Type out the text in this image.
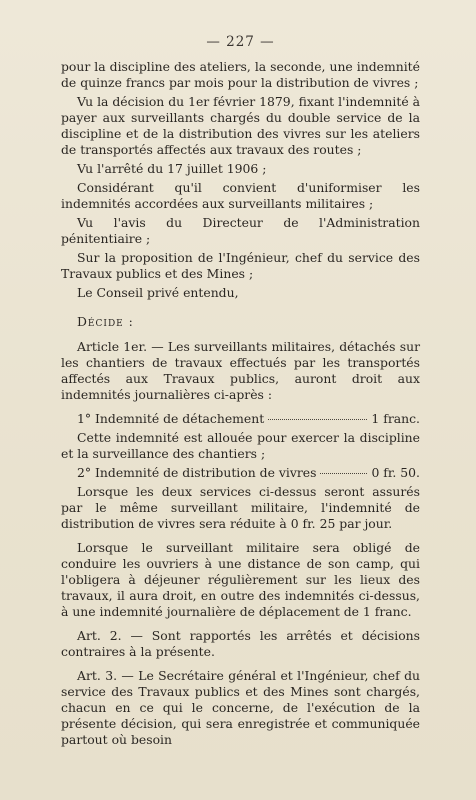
— 227 —

pour la discipline des ateliers, la seconde, une indemnité de quinze francs par mois pour la distribution de vivres ;

Vu la décision du 1er février 1879, fixant l'indemnité à payer aux surveillants chargés du double service de la discipline et de la distribution des vivres sur les ateliers de transportés affectés aux travaux des routes ;

Vu l'arrêté du 17 juillet 1906 ;

Considérant qu'il convient d'uniformiser les indemnités accordées aux surveillants militaires ;

Vu l'avis du Directeur de l'Administration pénitentiaire ;

Sur la proposition de l'Ingénieur, chef du service des Travaux publics et des Mines ;

Le Conseil privé entendu,

Décide :

Article 1er. — Les surveillants militaires, détachés sur les chantiers de travaux effectués par les transportés affectés aux Travaux publics, auront droit aux indemnités journalières ci-après :

1° Indemnité de détachement	1 franc.

Cette indemnité est allouée pour exercer la discipline et la surveillance des chantiers ;

2° Indemnité de distribution de vivres	0 fr. 50.

Lorsque les deux services ci-dessus seront assurés par le même surveillant militaire, l'indemnité de distribution de vivres sera réduite à 0 fr. 25 par jour.

Lorsque le surveillant militaire sera obligé de conduire les ouvriers à une distance de son camp, qui l'obligera à déjeuner régulièrement sur les lieux des travaux, il aura droit, en outre des indemnités ci-dessus, à une indemnité journalière de déplacement de 1 franc.

Art. 2. — Sont rapportés les arrêtés et décisions contraires à la présente.

Art. 3. — Le Secrétaire général et l'Ingénieur, chef du service des Travaux publics et des Mines sont chargés, chacun en ce qui le concerne, de l'exécution de la présente décision, qui sera enregistrée et communiquée partout où besoin
